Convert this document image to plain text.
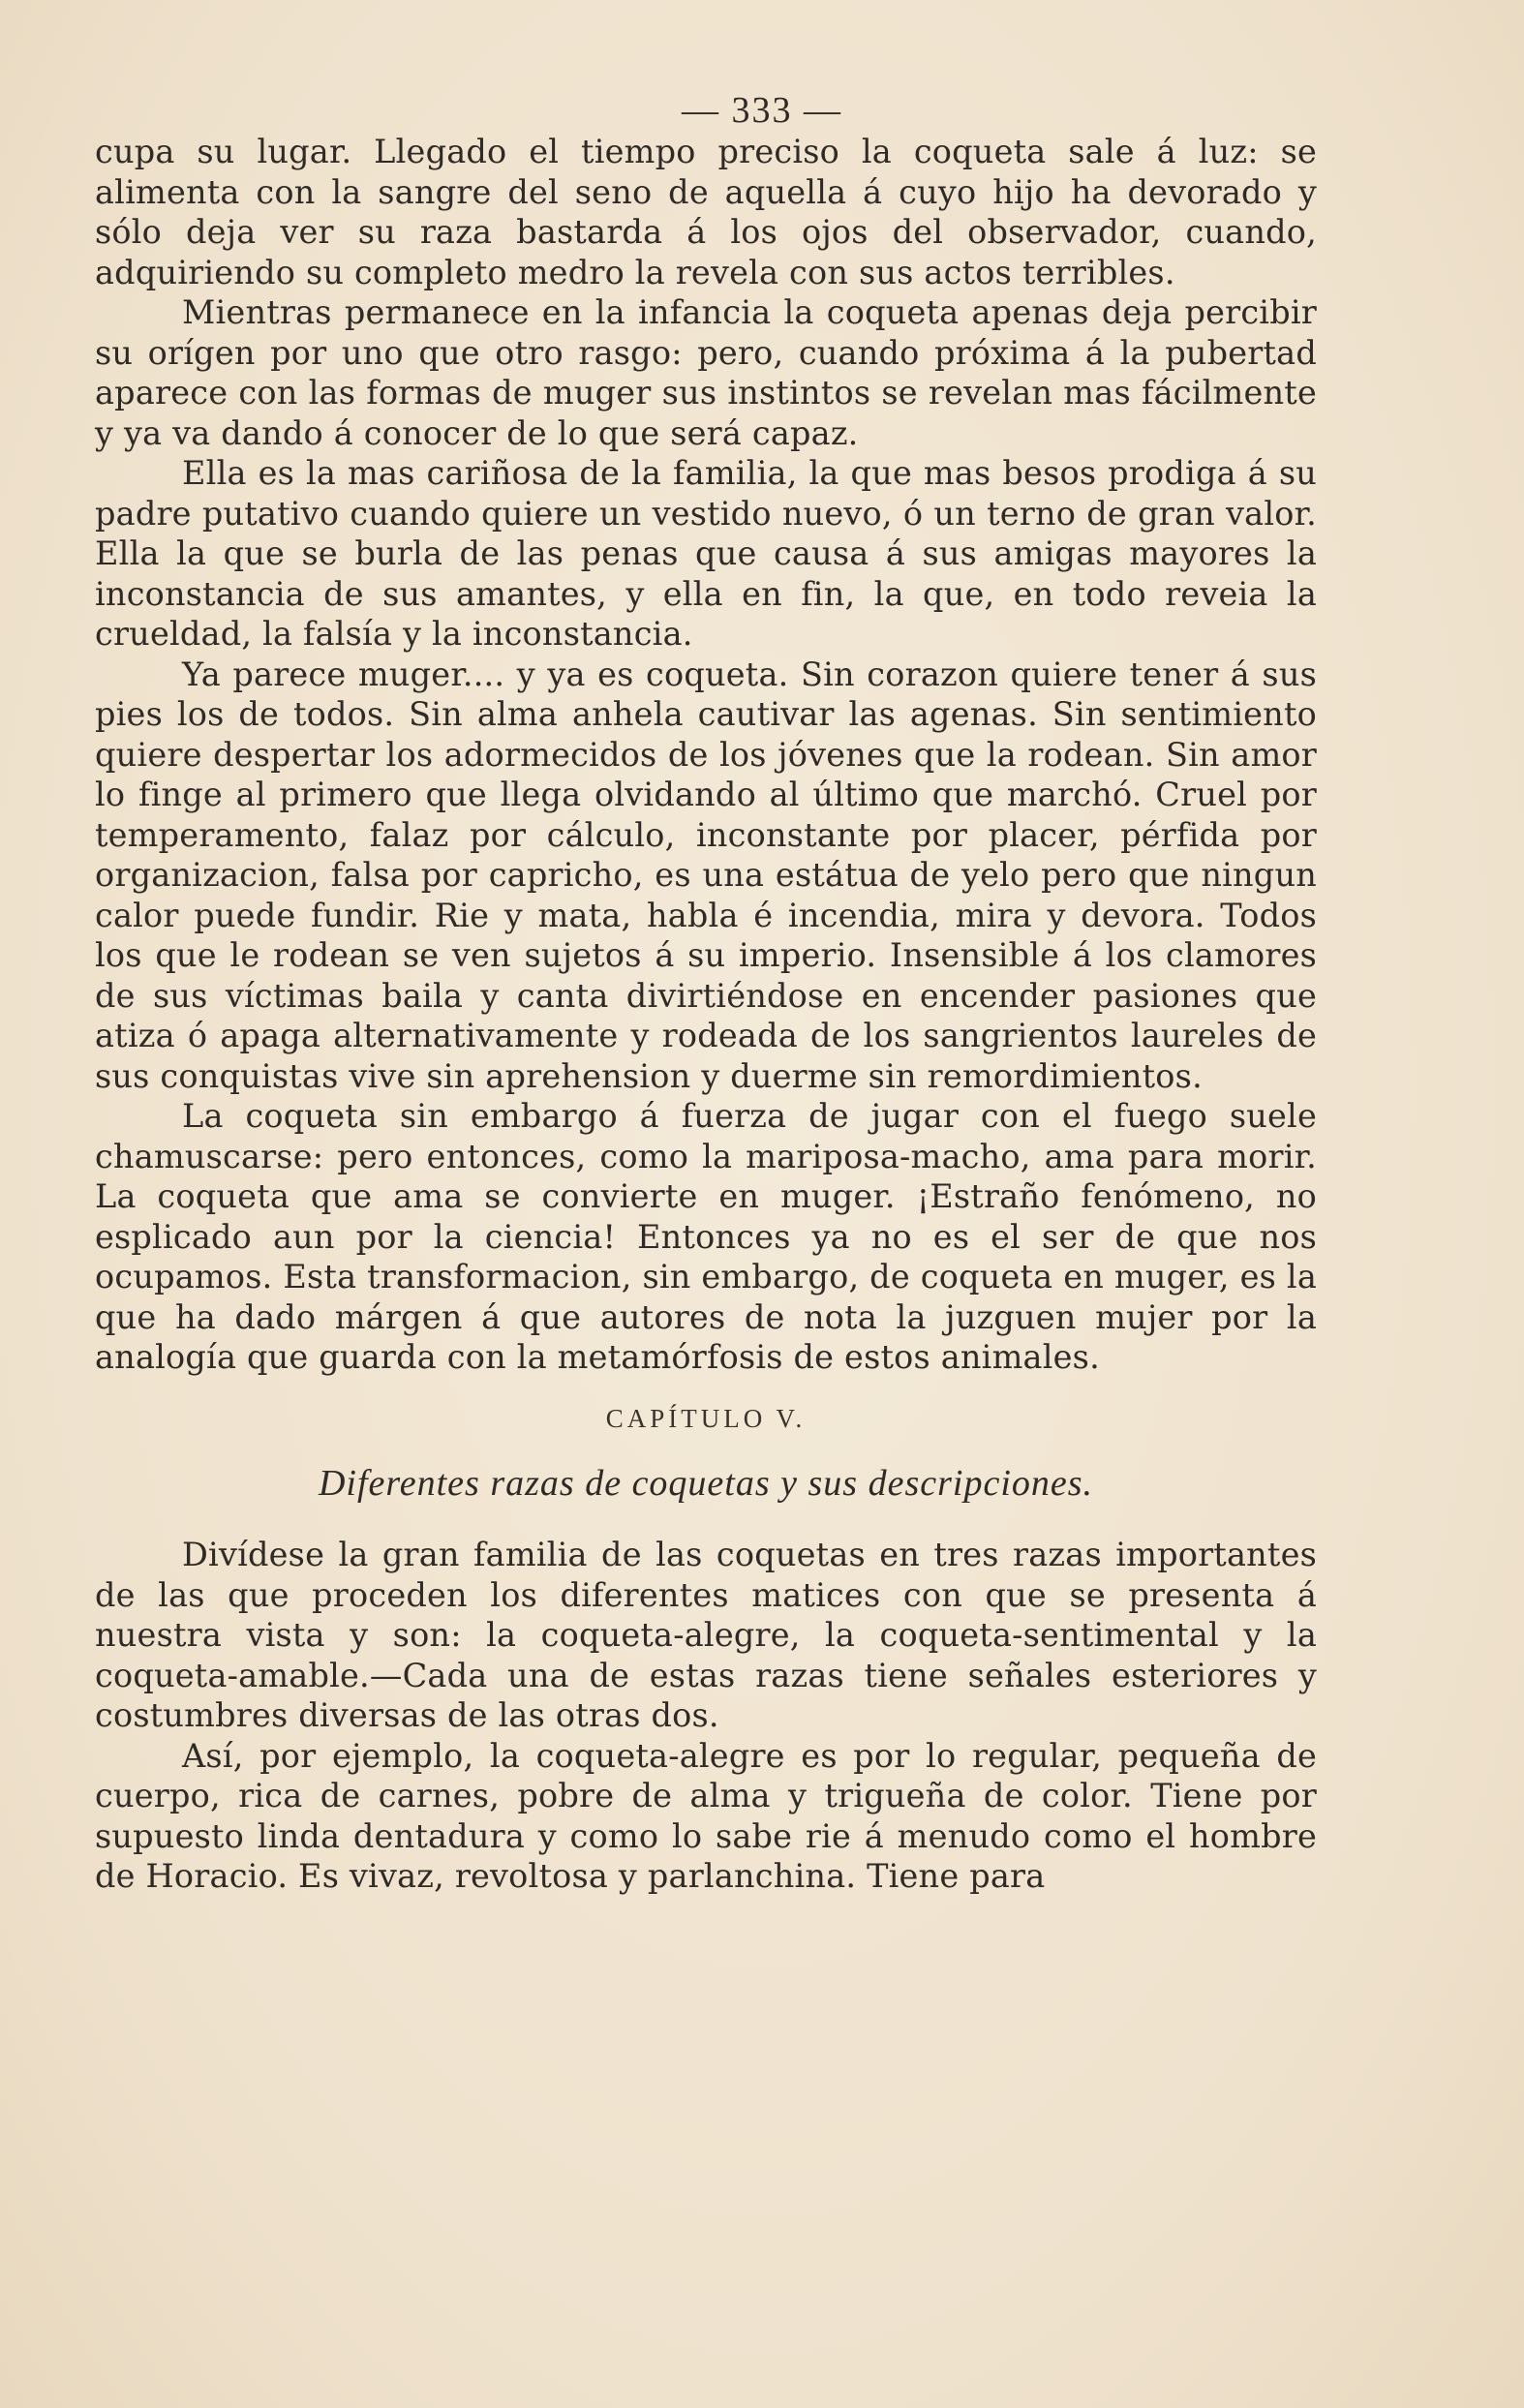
— 333 —

cupa su lugar. Llegado el tiempo preciso la coqueta sale á luz: se alimenta con la sangre del seno de aquella á cuyo hijo ha devorado y sólo deja ver su raza bastarda á los ojos del observador, cuando, adquiriendo su completo medro la revela con sus actos terribles.

Mientras permanece en la infancia la coqueta apenas deja percibir su orígen por uno que otro rasgo: pero, cuando próxima á la pubertad aparece con las formas de muger sus instintos se revelan mas fácilmente y ya va dando á conocer de lo que será capaz.

Ella es la mas cariñosa de la familia, la que mas besos prodiga á su padre putativo cuando quiere un vestido nuevo, ó un terno de gran valor. Ella la que se burla de las penas que causa á sus amigas mayores la inconstancia de sus amantes, y ella en fin, la que, en todo reveia la crueldad, la falsía y la inconstancia.

Ya parece muger.... y ya es coqueta. Sin corazon quiere tener á sus pies los de todos. Sin alma anhela cautivar las agenas. Sin sentimiento quiere despertar los adormecidos de los jóvenes que la rodean. Sin amor lo finge al primero que llega olvidando al último que marchó. Cruel por temperamento, falaz por cálculo, inconstante por placer, pérfida por organizacion, falsa por capricho, es una estátua de yelo pero que ningun calor puede fundir. Rie y mata, habla é incendia, mira y devora. Todos los que le rodean se ven sujetos á su imperio. Insensible á los clamores de sus víctimas baila y canta divirtiéndose en encender pasiones que atiza ó apaga alternativamente y rodeada de los sangrientos laureles de sus conquistas vive sin aprehension y duerme sin remordimientos.

La coqueta sin embargo á fuerza de jugar con el fuego suele chamuscarse: pero entonces, como la mariposa-macho, ama para morir. La coqueta que ama se convierte en muger. ¡Estraño fenómeno, no esplicado aun por la ciencia! Entonces ya no es el ser de que nos ocupamos. Esta transformacion, sin embargo, de coqueta en muger, es la que ha dado márgen á que autores de nota la juzguen mujer por la analogía que guarda con la metamórfosis de estos animales.

CAPÍTULO V.

Diferentes razas de coquetas y sus descripciones.

Divídese la gran familia de las coquetas en tres razas importantes de las que proceden los diferentes matices con que se presenta á nuestra vista y son: la coqueta-alegre, la coqueta-sentimental y la coqueta-amable.—Cada una de estas razas tiene señales esteriores y costumbres diversas de las otras dos.

Así, por ejemplo, la coqueta-alegre es por lo regular, pequeña de cuerpo, rica de carnes, pobre de alma y trigueña de color. Tiene por supuesto linda dentadura y como lo sabe rie á menudo como el hombre de Horacio. Es vivaz, revoltosa y parlanchina. Tiene para
